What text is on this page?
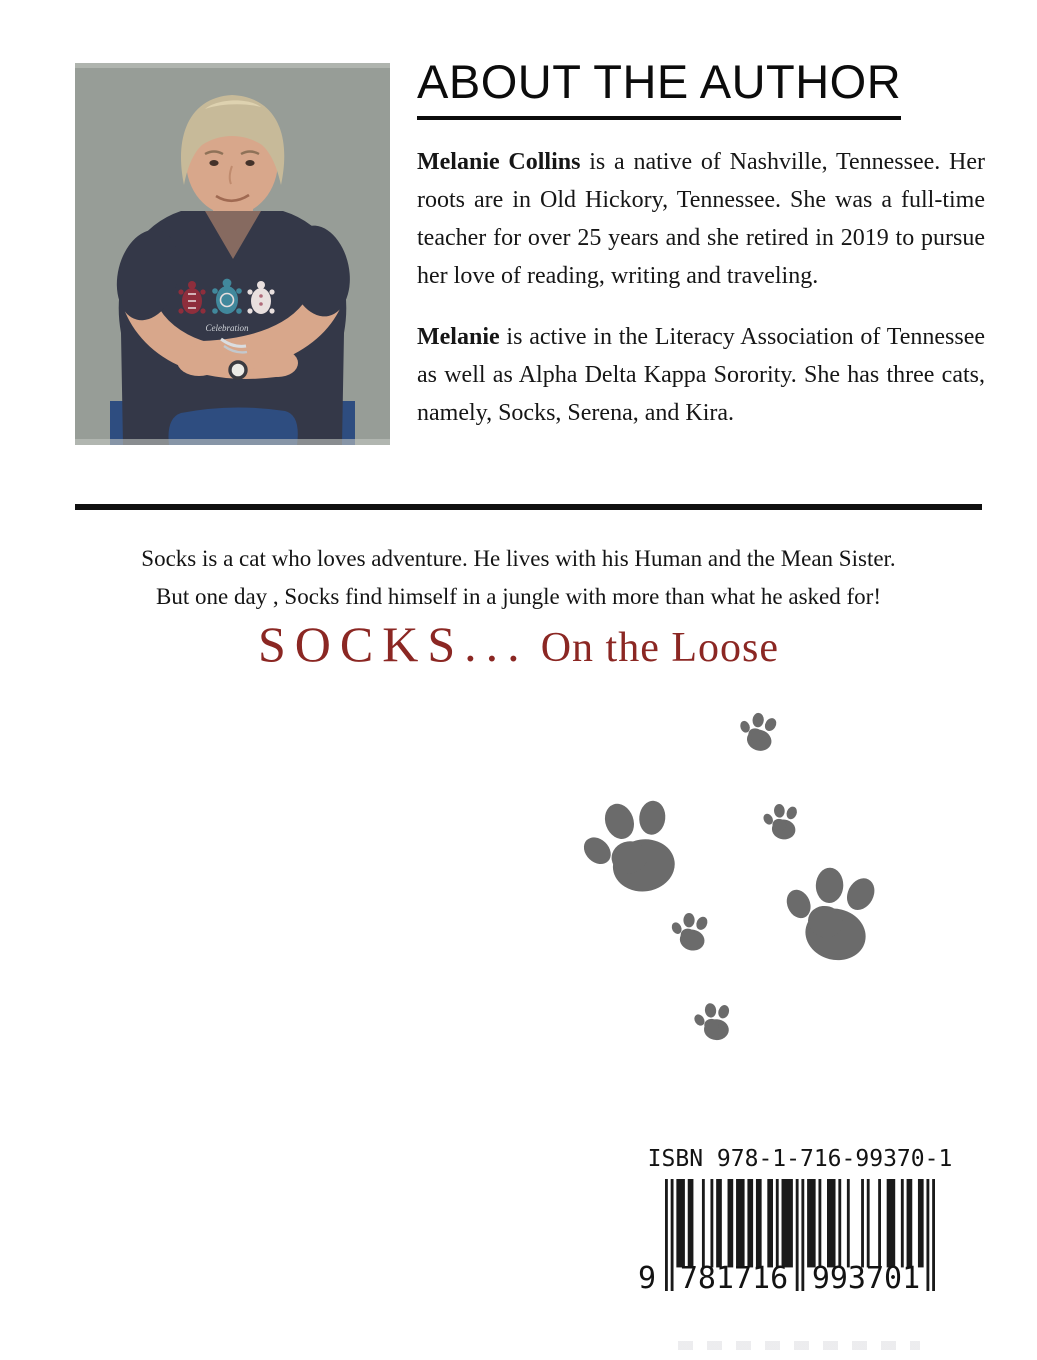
Celebration
ABOUT THE AUTHOR

Melanie Collins is a native of Nashville, Tennessee. Her roots are in Old Hickory, Tennessee. She was a full-time teacher for over 25 years and she retired in 2019 to pursue her love of reading, writing and traveling.

Melanie is active in the Literacy Association of Tennessee as well as Alpha Delta Kappa Sorority. She has three cats, namely, Socks, Serena, and Kira.

Socks is a cat who loves adventure. He lives with his Human and the Mean Sister.
But one day , Socks find himself in a jungle with more than what he asked for!
SOCKS... On the Loose
ISBN 978-1-716-99370-1
9 781716 993701
